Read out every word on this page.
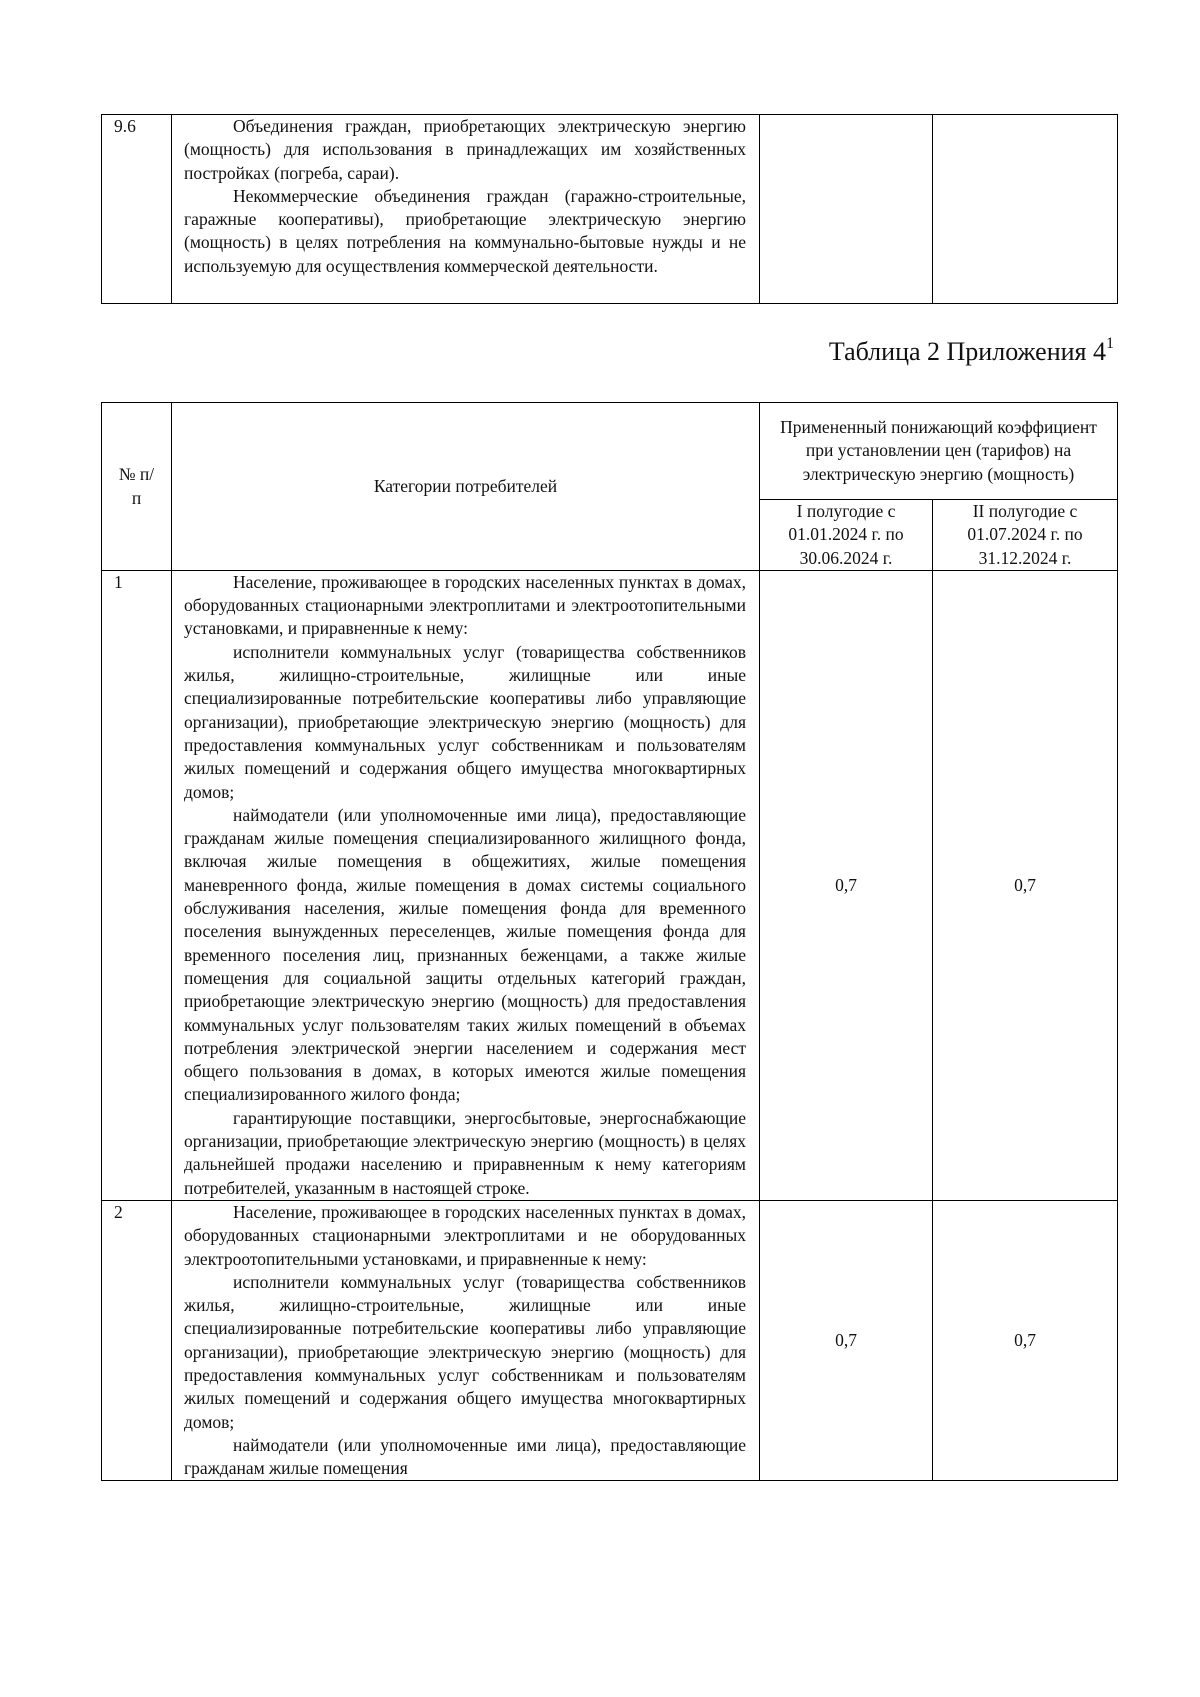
9.6	Объединения граждан, приобретающих электрическую энергию (мощность) для использования в принадлежащих им хозяйственных постройках (погреба, сараи).

Некоммерческие объединения граждан (гаражно-строительные, гаражные кооперативы), приобретающие электрическую энергию (мощность) в целях потребления на коммунально-бытовые нужды и не используемую для осуществления коммерческой деятельности.

Таблица 2 Приложения $4^1$
№ п/п	Категории потребителей	Примененный понижающий коэффициент при установлении цен (тарифов) на электрическую энергию (мощность)	
		I полугодие с 01.01.2024 г. по 30.06.2024 г.	II полугодие с 01.07.2024 г. по 31.12.2024 г.
1	Население, проживающее в городских населенных пунктах в домах, оборудованных стационарными электроплитами и электроотопительными установками, и приравненные к нему:

исполнители коммунальных услуг (товарищества собственников жилья, жилищно-строительные, жилищные или иные специализированные потребительские кооперативы либо управляющие организации), приобретающие электрическую энергию (мощность) для предоставления коммунальных услуг собственникам и пользователям жилых помещений и содержания общего имущества многоквартирных домов;

наймодатели (или уполномоченные ими лица), предоставляющие гражданам жилые помещения специализированного жилищного фонда, включая жилые помещения в общежитиях, жилые помещения маневренного фонда, жилые помещения в домах системы социального обслуживания населения, жилые помещения фонда для временного поселения вынужденных переселенцев, жилые помещения фонда для временного поселения лиц, признанных беженцами, а также жилые помещения для социальной защиты отдельных категорий граждан, приобретающие электрическую энергию (мощность) для предоставления коммунальных услуг пользователям таких жилых помещений в объемах потребления электрической энергии населением и содержания мест общего пользования в домах, в которых имеются жилые помещения специализированного жилого фонда;

гарантирующие поставщики, энергосбытовые, энергоснабжающие организации, приобретающие электрическую энергию (мощность) в целях дальнейшей продажи населению и приравненным к нему категориям потребителей, указанным в настоящей строке.	0,7	0,7
2	Население, проживающее в городских населенных пунктах в домах, оборудованных стационарными электроплитами и не оборудованных электроотопительными установками, и приравненные к нему:

исполнители коммунальных услуг (товарищества собственников жилья, жилищно-строительные, жилищные или иные специализированные потребительские кооперативы либо управляющие организации), приобретающие электрическую энергию (мощность) для предоставления коммунальных услуг собственникам и пользователям жилых помещений и содержания общего имущества многоквартирных домов;

наймодатели (или уполномоченные ими лица), предоставляющие гражданам жилые помещения	0,7	0,7
